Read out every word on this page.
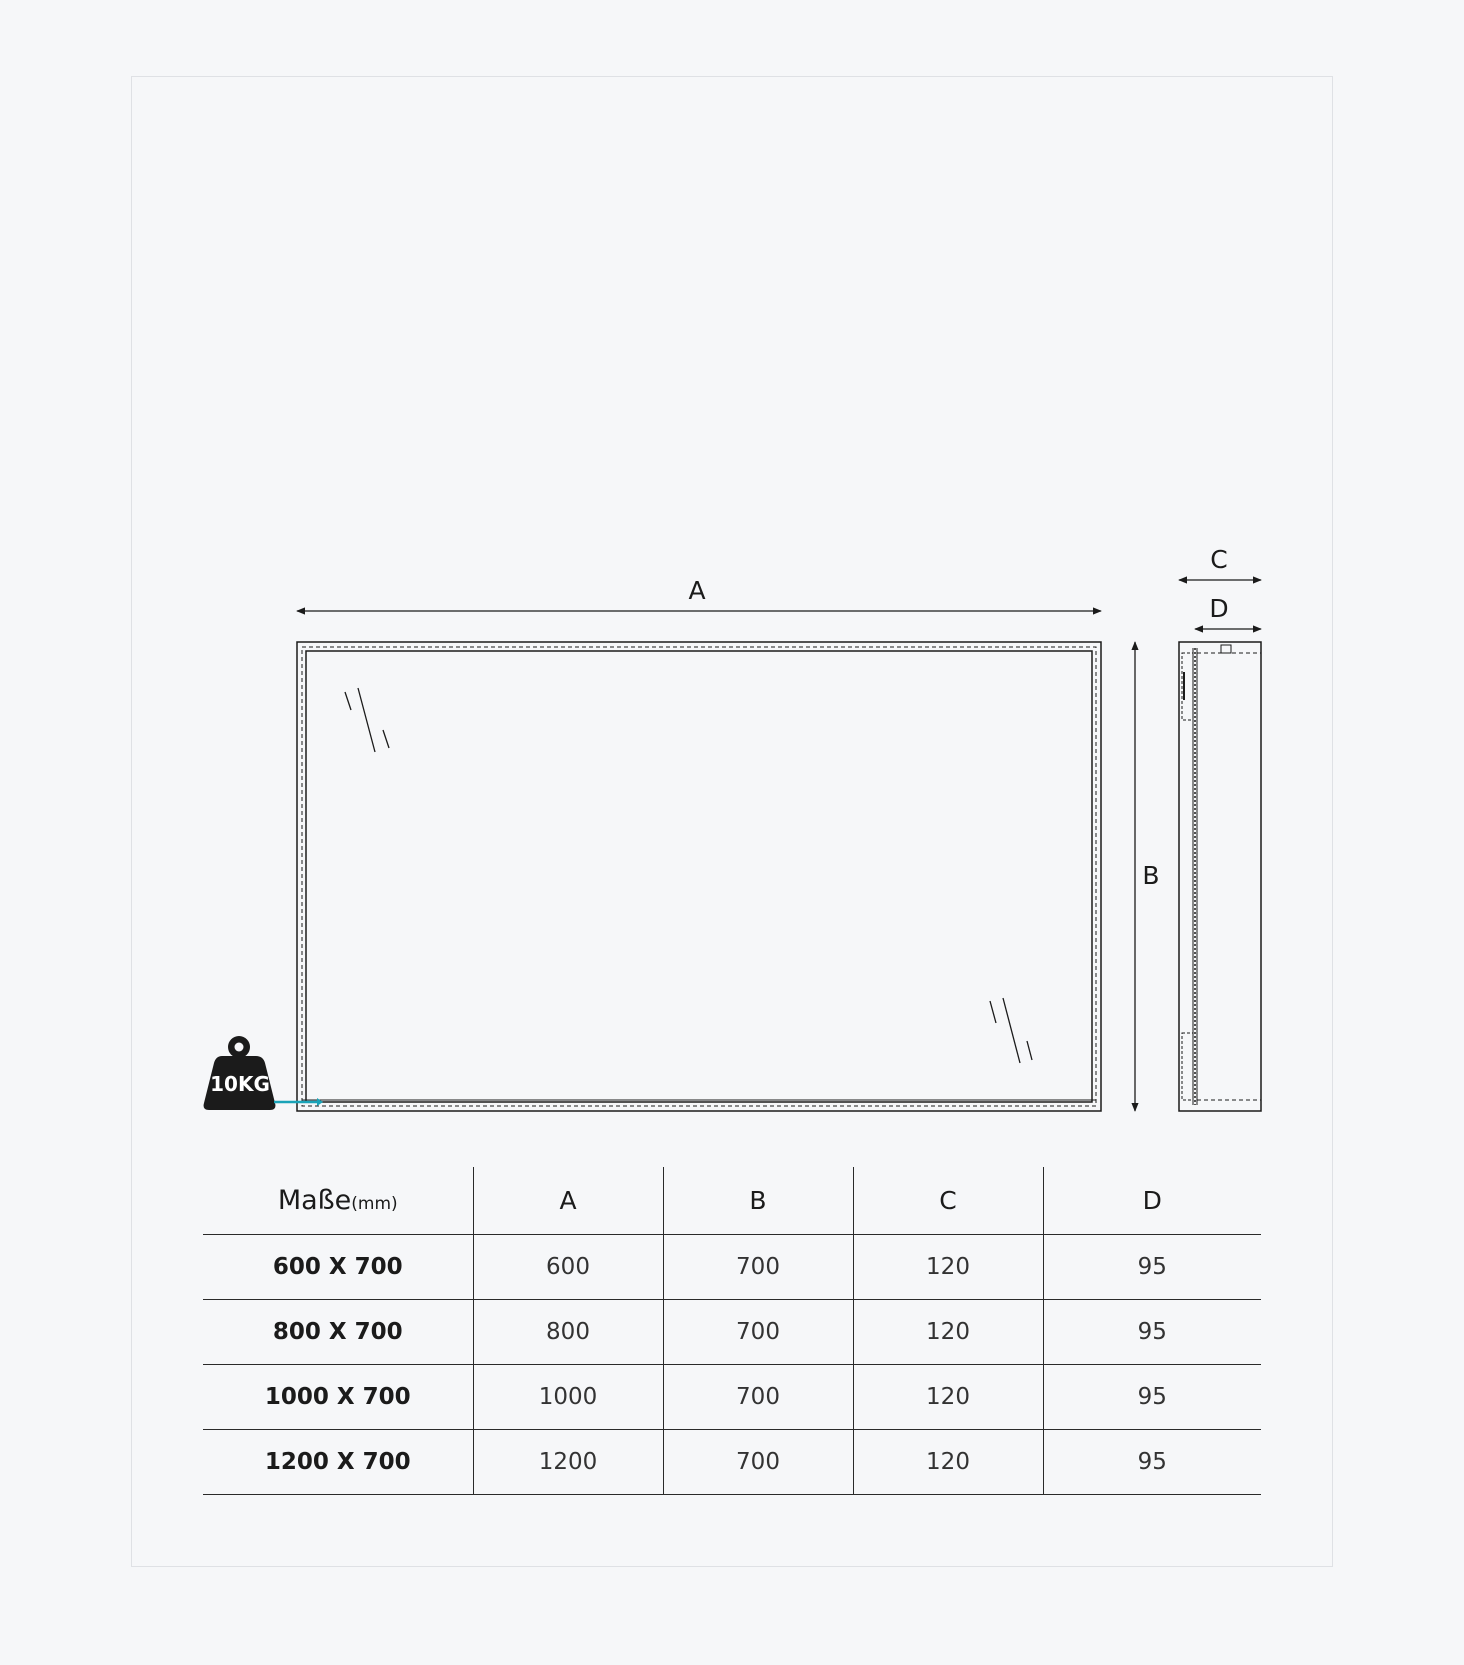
A
B
C
D
10KG
Maße(mm)	A	B	C	D
600 X 700	600	700	120	95
800 X 700	800	700	120	95
1000 X 700	1000	700	120	95
1200 X 700	1200	700	120	95
